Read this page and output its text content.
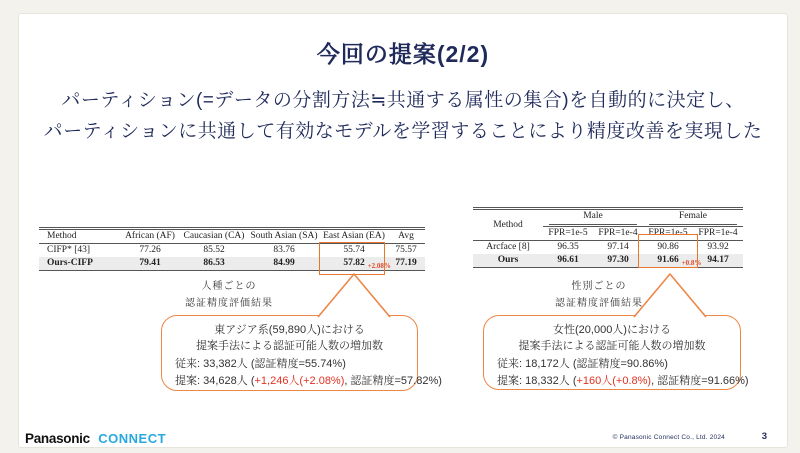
今回の提案(2/2)
パーティション(=データの分割方法≒共通する属性の集合)を自動的に決定し、
パーティションに共通して有効なモデルを学習することにより精度改善を実現した
Method	African (AF)	Caucasian (CA)	South Asian (SA)	East Asian (EA)	Avg
CIFP* [43]	77.26	85.52	83.76	55.74	75.57
Ours-CIFP	79.41	86.53	84.99	57.82 +2.08%	77.19
Method	Male		Female	

	FPR=1e-5	FPR=1e-4	FPR=1e-5	FPR=1e-4
Arcface [8]	96.35	97.14	90.86	93.92
Ours	96.61	97.30	91.66 +0.8%	94.17
人種ごとの
認証精度評価結果
性別ごとの
認証精度評価結果
東アジア系(59,890人)における
提案手法による認証可能人数の増加数
従来: 33,382人 (認証精度=55.74%)
提案: 34,628人 (+1,246人(+2.08%), 認証精度=57.82%)
女性(20,000人)における
提案手法による認証可能人数の増加数
従来: 18,172人 (認証精度=90.86%)
提案: 18,332人 (+160人(+0.8%), 認証精度=91.66%)
Panasonic CONNECT	© Panasonic Connect Co., Ltd. 2024	3
